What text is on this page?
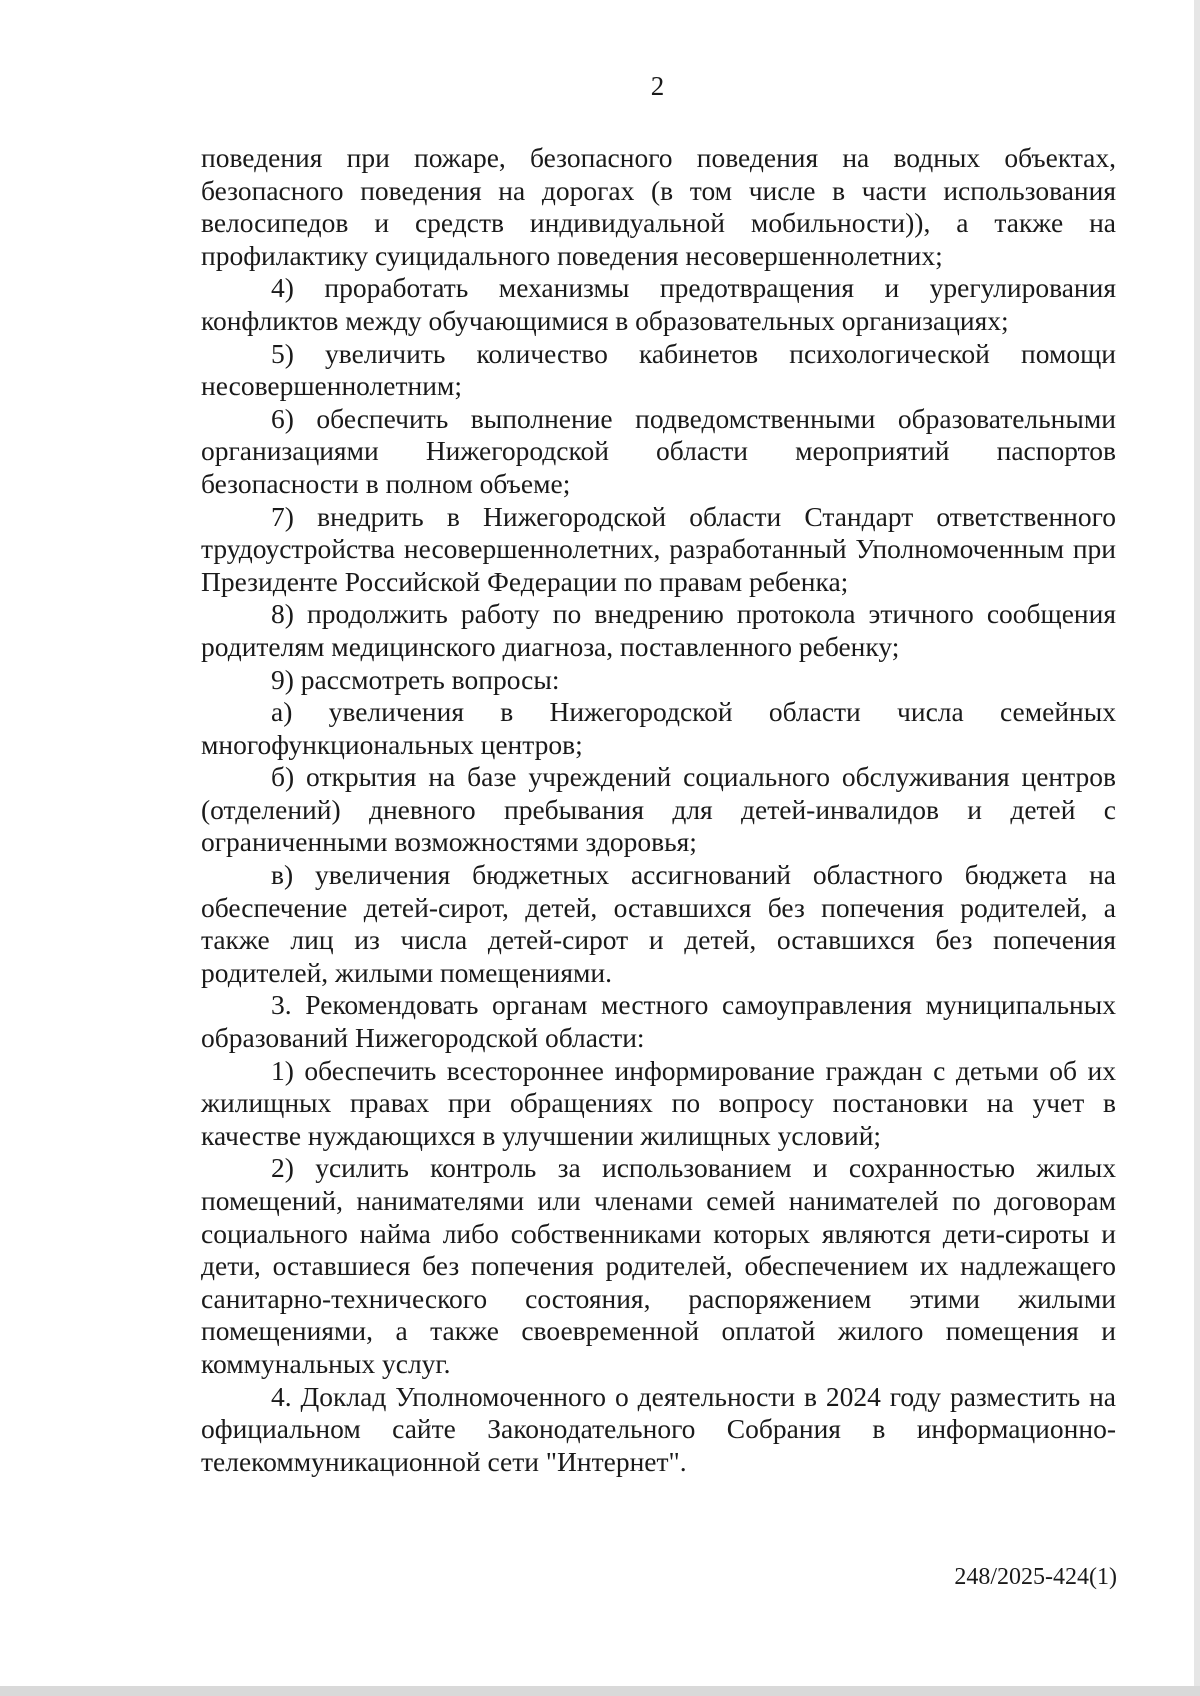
2

поведения при пожаре, безопасного поведения на водных объектах, безопасного поведения на дорогах (в том числе в части использования велосипедов и средств индивидуальной мобильности)), а также на профилактику суицидального поведения несовершеннолетних;

4) проработать механизмы предотвращения и урегулирования конфликтов между обучающимися в образовательных организациях;

5) увеличить количество кабинетов психологической помощи несовершеннолетним;

6) обеспечить выполнение подведомственными образовательными организациями Нижегородской области мероприятий паспортов безопасности в полном объеме;

7) внедрить в Нижегородской области Стандарт ответственного трудоустройства несовершеннолетних, разработанный Уполномоченным при Президенте Российской Федерации по правам ребенка;

8) продолжить работу по внедрению протокола этичного сообщения родителям медицинского диагноза, поставленного ребенку;

9) рассмотреть вопросы:

а) увеличения в Нижегородской области числа семейных многофункциональных центров;

б) открытия на базе учреждений социального обслуживания центров (отделений) дневного пребывания для детей-инвалидов и детей с ограниченными возможностями здоровья;

в) увеличения бюджетных ассигнований областного бюджета на обеспечение детей-сирот, детей, оставшихся без попечения родителей, а также лиц из числа детей-сирот и детей, оставшихся без попечения родителей, жилыми помещениями.

3. Рекомендовать органам местного самоуправления муниципальных образований Нижегородской области:

1) обеспечить всестороннее информирование граждан с детьми об их жилищных правах при обращениях по вопросу постановки на учет в качестве нуждающихся в улучшении жилищных условий;

2) усилить контроль за использованием и сохранностью жилых помещений, нанимателями или членами семей нанимателей по договорам социального найма либо собственниками которых являются дети-сироты и дети, оставшиеся без попечения родителей, обеспечением их надлежащего санитарно-технического состояния, распоряжением этими жилыми помещениями, а также своевременной оплатой жилого помещения и коммунальных услуг.

4. Доклад Уполномоченного о деятельности в 2024 году разместить на официальном сайте Законодательного Собрания в информационно-телекоммуникационной сети "Интернет".

248/2025-424(1)
